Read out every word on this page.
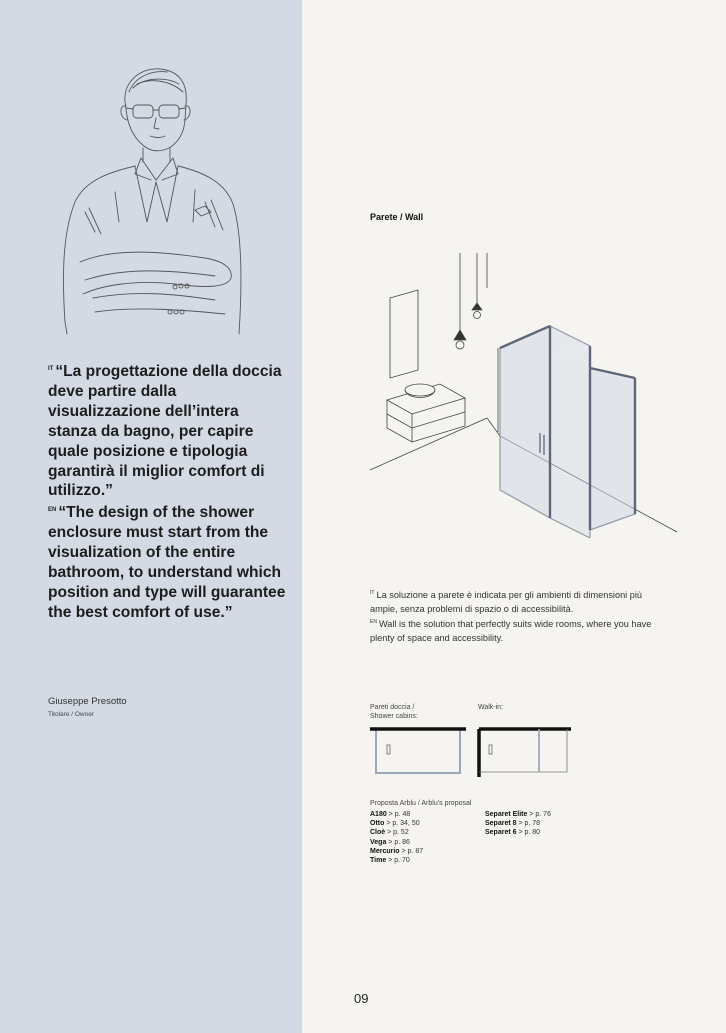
$^{IT}$ “La progettazione della doccia deve partire dalla visualizzazione dell’intera stanza da bagno, per capire quale posizione e tipologia garantirà il miglior comfort di utilizzo.”

$^{EN}$ “The design of the shower enclosure must start from the visualization of the entire bathroom, to understand which position and type will guarantee the best comfort of use.”

Giuseppe Presotto
Titolare / Owner
Parete / Wall

$^{IT}$ La soluzione a parete è indicata per gli ambienti di dimensioni più ampie, senza problemi di spazio o di accessibilità.

$^{EN}$ Wall is the solution that perfectly suits wide rooms, where you have plenty of space and accessibility.

Pareti doccia /
Shower cabins:
Walk-in:
Proposta Arblu / Arblu’s proposal
A180 > p. 48
Otto > p. 34, 50
Cloè > p. 52
Vega > p. 86
Mercurio > p. 87
Time > p. 70
Separet Elite > p. 76
Separet 8 > p. 78
Separet 6 > p. 80
09
